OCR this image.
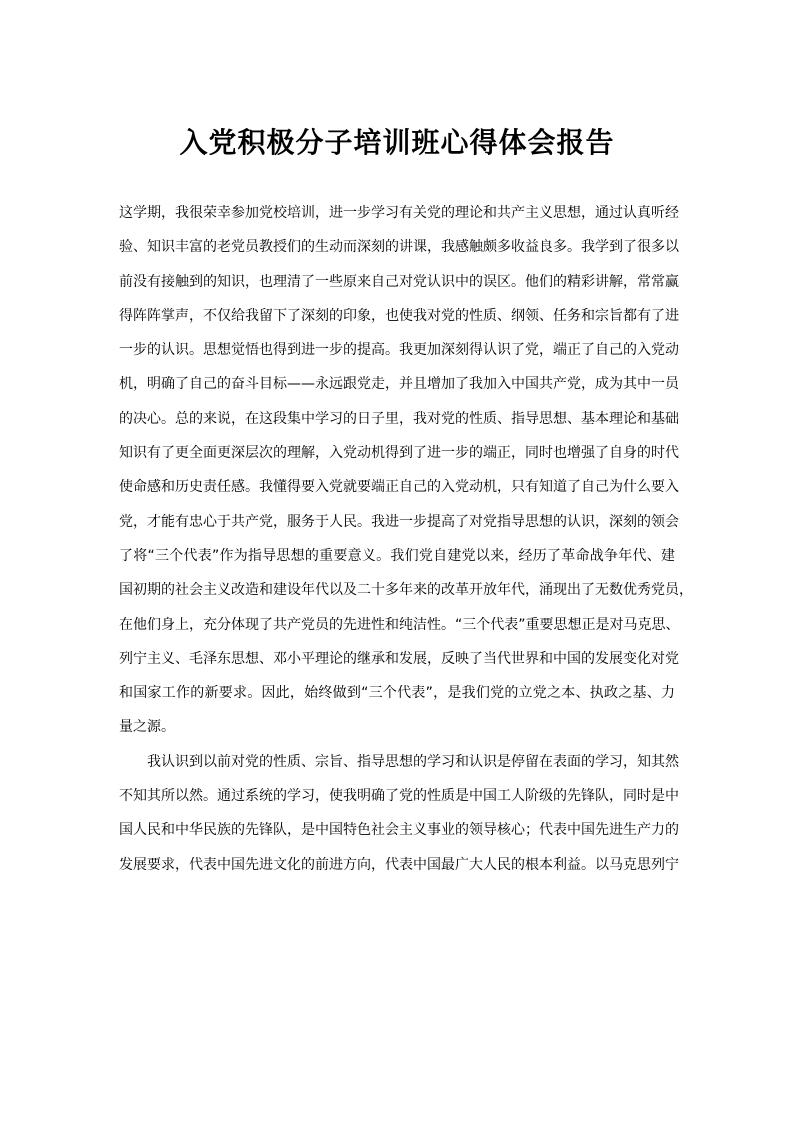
入党积极分子培训班心得体会报告
这学期，我很荣幸参加党校培训，进一步学习有关党的理论和共产主义思想，通过认真听经
验、知识丰富的老党员教授们的生动而深刻的讲课，我感触颇多收益良多。我学到了很多以
前没有接触到的知识，也理清了一些原来自己对党认识中的误区。他们的精彩讲解，常常赢
得阵阵掌声，不仅给我留下了深刻的印象，也使我对党的性质、纲领、任务和宗旨都有了进
一步的认识。思想觉悟也得到进一步的提高。我更加深刻得认识了党，端正了自己的入党动
机，明确了自己的奋斗目标——永远跟党走，并且增加了我加入中国共产党，成为其中一员
的决心。总的来说，在这段集中学习的日子里，我对党的性质、指导思想、基本理论和基础
知识有了更全面更深层次的理解，入党动机得到了进一步的端正，同时也增强了自身的时代
使命感和历史责任感。我懂得要入党就要端正自己的入党动机，只有知道了自己为什么要入
党，才能有忠心于共产党，服务于人民。我进一步提高了对党指导思想的认识，深刻的领会
了将“三个代表”作为指导思想的重要意义。我们党自建党以来，经历了革命战争年代、建
国初期的社会主义改造和建设年代以及二十多年来的改革开放年代，涌现出了无数优秀党员，
在他们身上，充分体现了共产党员的先进性和纯洁性。“三个代表”重要思想正是对马克思、
列宁主义、毛泽东思想、邓小平理论的继承和发展，反映了当代世界和中国的发展变化对党
和国家工作的新要求。因此，始终做到“三个代表”，是我们党的立党之本、执政之基、力
量之源。
　　我认识到以前对党的性质、宗旨、指导思想的学习和认识是停留在表面的学习，知其然
不知其所以然。通过系统的学习，使我明确了党的性质是中国工人阶级的先锋队，同时是中
国人民和中华民族的先锋队，是中国特色社会主义事业的领导核心；代表中国先进生产力的
发展要求，代表中国先进文化的前进方向，代表中国最广大人民的根本利益。以马克思列宁
